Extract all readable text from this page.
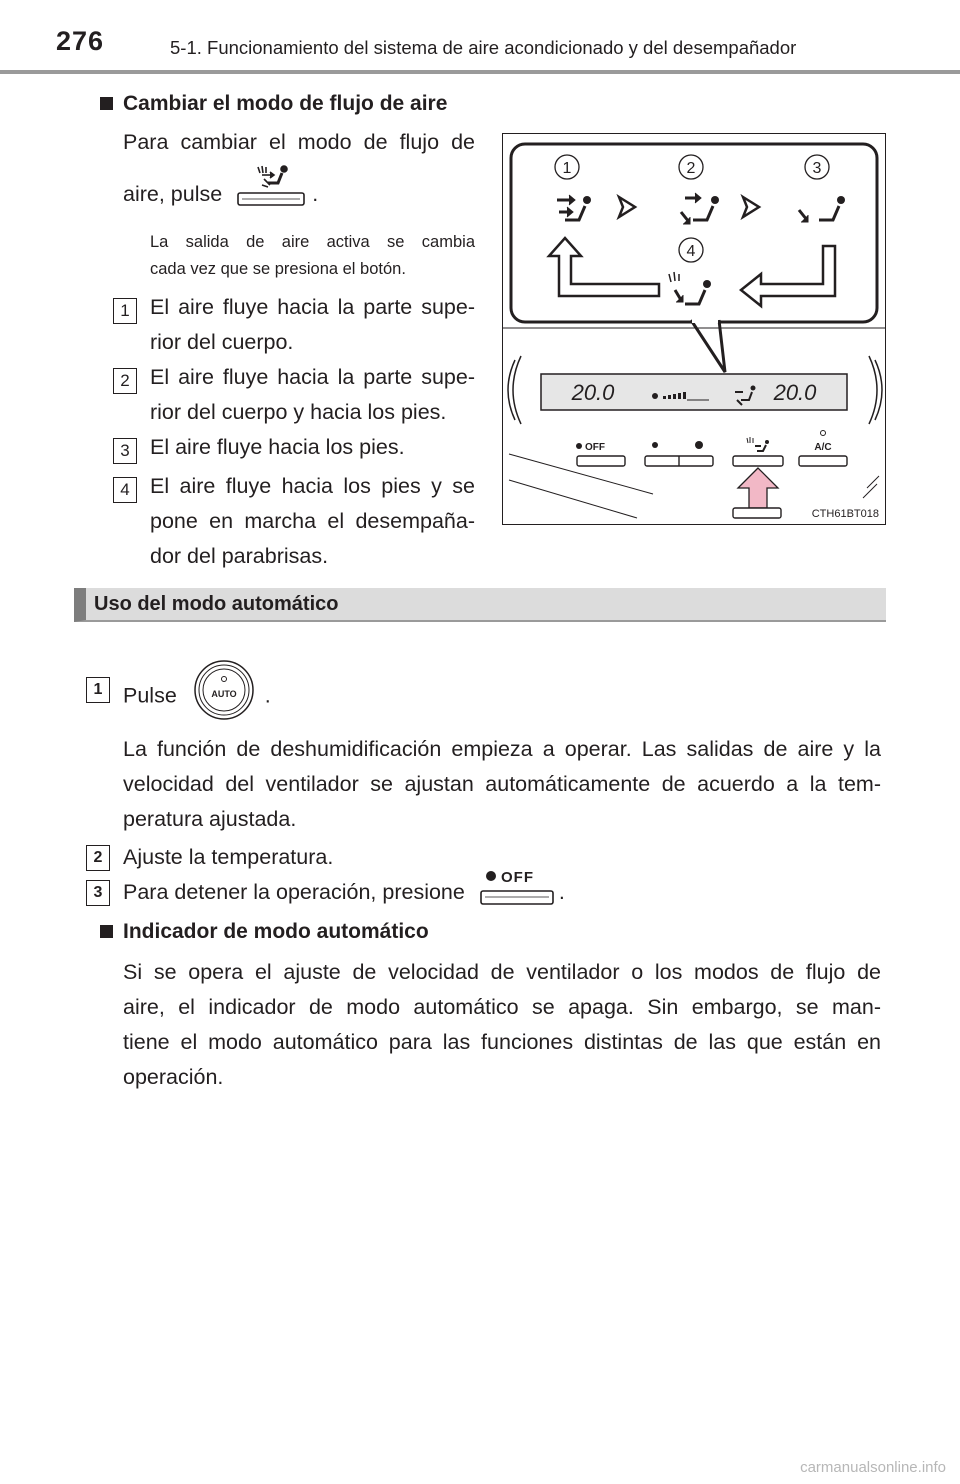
276	5-1. Funcionamiento del sistema de aire acondicionado y del desempañador
Cambiar el modo de flujo de aire
Para cambiar el modo de flujo de
aire, pulse	.
La salida de aire activa se cambia
cada vez que se presiona el botón.
1 El aire fluye hacia la parte supe-
rior del cuerpo.
2 El aire fluye hacia la parte supe-
rior del cuerpo y hacia los pies.
3 El aire fluye hacia los pies.
4 El aire fluye hacia los pies y se
pone en marcha el desempaña-
dor del parabrisas.
1	2	3
4
20.0	20.0
OFF	A/C
CTH61BT018
Uso del modo automático
1 Pulse	AUTO .
La función de deshumidificación empieza a operar. Las salidas de aire y la
velocidad del ventilador se ajustan automáticamente de acuerdo a la tem-
peratura ajustada.
2 Ajuste la temperatura.
3 Para detener la operación, presione
OFF
.
Indicador de modo automático
Si se opera el ajuste de velocidad de ventilador o los modos de flujo de
aire, el indicador de modo automático se apaga. Sin embargo, se man-
tiene el modo automático para las funciones distintas de las que están en
operación.
carmanualsonline.info
